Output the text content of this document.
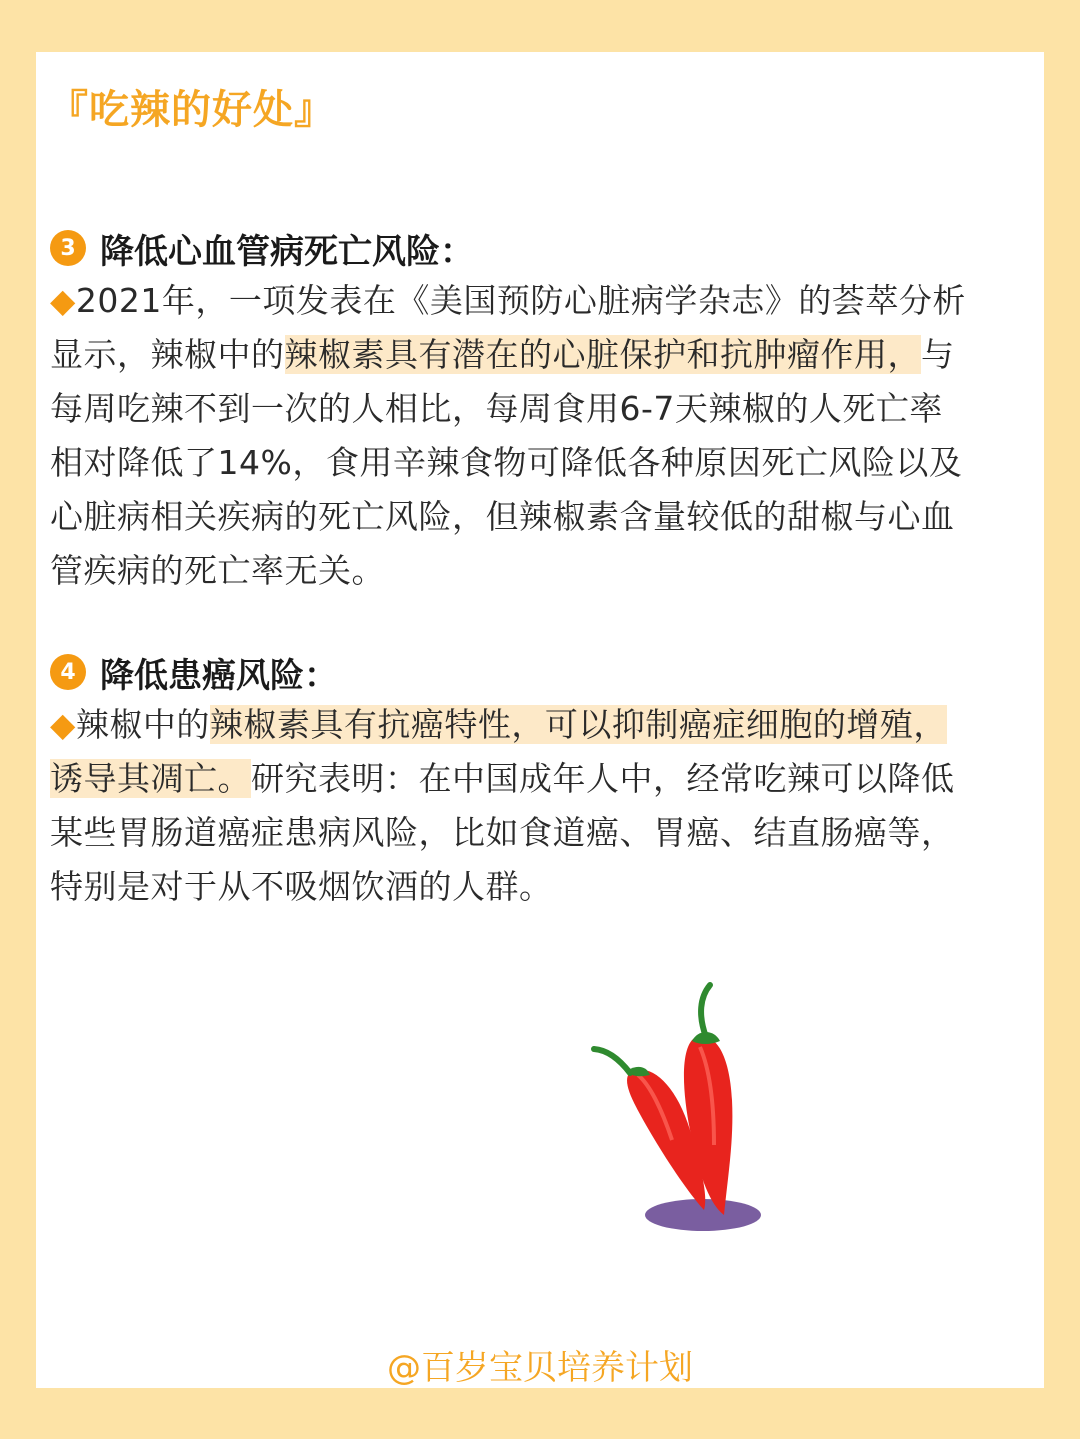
『吃辣的好处』
3 降低心血管病死亡风险：
◆2021年，一项发表在《美国预防心脏病学杂志》的荟萃分析显示，辣椒中的辣椒素具有潜在的心脏保护和抗肿瘤作用，与每周吃辣不到一次的人相比，每周食用6-7天辣椒的人死亡率相对降低了14%，食用辛辣食物可降低各种原因死亡风险以及心脏病相关疾病的死亡风险，但辣椒素含量较低的甜椒与心血管疾病的死亡率无关。
4 降低患癌风险：
◆辣椒中的辣椒素具有抗癌特性，可以抑制癌症细胞的增殖，诱导其凋亡。研究表明：在中国成年人中，经常吃辣可以降低某些胃肠道癌症患病风险，比如食道癌、胃癌、结直肠癌等，特别是对于从不吸烟饮酒的人群。
@百岁宝贝培养计划
